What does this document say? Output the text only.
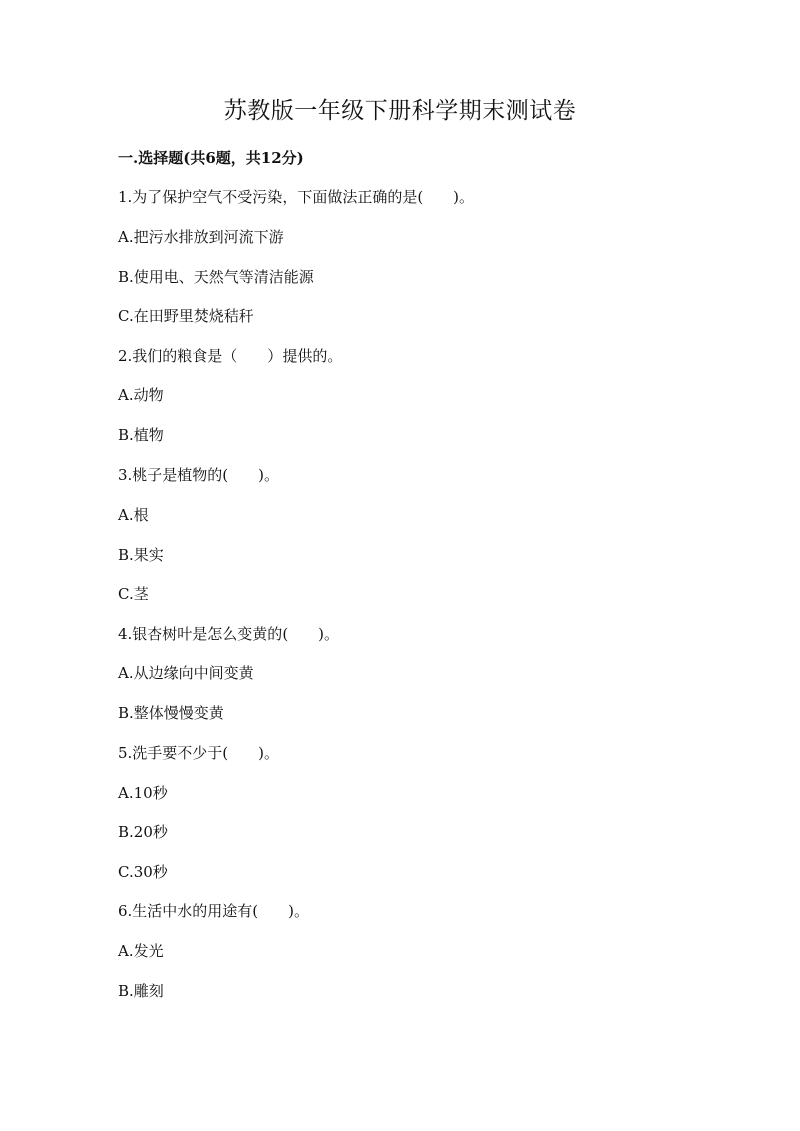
苏教版一年级下册科学期末测试卷
一.选择题(共6题，共12分)
1.为了保护空气不受污染，下面做法正确的是(　　)。
A.把污水排放到河流下游
B.使用电、天然气等清洁能源
C.在田野里焚烧秸秆
2.我们的粮食是（　　）提供的。
A.动物
B.植物
3.桃子是植物的(　　)。
A.根
B.果实
C.茎
4.银杏树叶是怎么变黄的(　　)。
A.从边缘向中间变黄
B.整体慢慢变黄
5.洗手要不少于(　　)。
A.10秒
B.20秒
C.30秒
6.生活中水的用途有(　　)。
A.发光
B.雕刻
